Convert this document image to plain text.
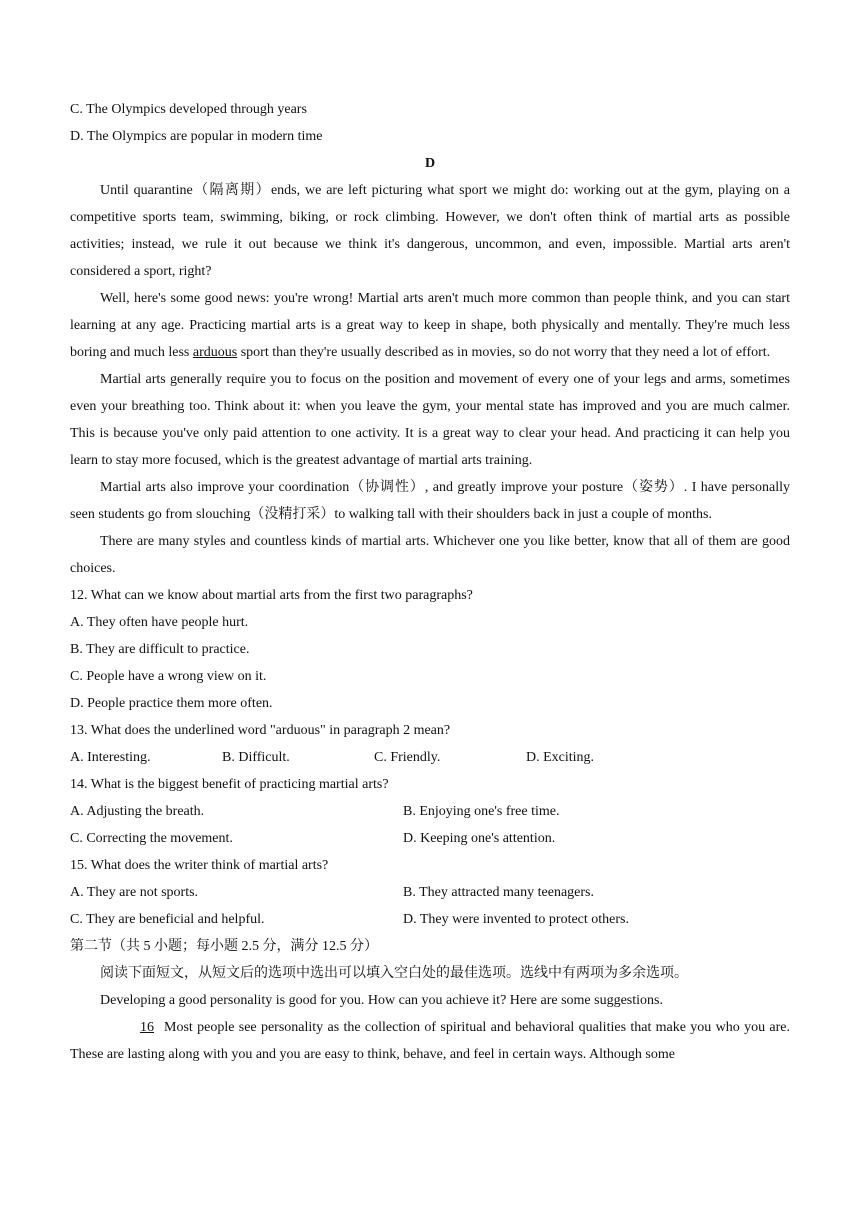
C. The Olympics developed through years
D. The Olympics are popular in modern time
D

Until quarantine（隔离期）ends, we are left picturing what sport we might do: working out at the gym, playing on a competitive sports team, swimming, biking, or rock climbing. However, we don't often think of martial arts as possible activities; instead, we rule it out because we think it's dangerous, uncommon, and even, impossible. Martial arts aren't considered a sport, right?

Well, here's some good news: you're wrong! Martial arts aren't much more common than people think, and you can start learning at any age. Practicing martial arts is a great way to keep in shape, both physically and mentally. They're much less boring and much less arduous sport than they're usually described as in movies, so do not worry that they need a lot of effort.

Martial arts generally require you to focus on the position and movement of every one of your legs and arms, sometimes even your breathing too. Think about it: when you leave the gym, your mental state has improved and you are much calmer. This is because you've only paid attention to one activity. It is a great way to clear your head. And practicing it can help you learn to stay more focused, which is the greatest advantage of martial arts training.

Martial arts also improve your coordination（协调性）, and greatly improve your posture（姿势）. I have personally seen students go from slouching（没精打采）to walking tall with their shoulders back in just a couple of months.

There are many styles and countless kinds of martial arts. Whichever one you like better, know that all of them are good choices.

12. What can we know about martial arts from the first two paragraphs?
A. They often have people hurt.
B. They are difficult to practice.
C. People have a wrong view on it.
D. People practice them more often.
13. What does the underlined word "arduous" in paragraph 2 mean?
A. Interesting.	B. Difficult.	C. Friendly.	D. Exciting.
14. What is the biggest benefit of practicing martial arts?
A. Adjusting the breath.	B. Enjoying one's free time.
C. Correcting the movement.	D. Keeping one's attention.
15. What does the writer think of martial arts?
A. They are not sports.	B. They attracted many teenagers.
C. They are beneficial and helpful.	D. They were invented to protect others.
第二节（共 5 小题；每小题 2.5 分，满分 12.5 分）

阅读下面短文，从短文后的选项中选出可以填入空白处的最佳选项。选线中有两项为多余选项。

Developing a good personality is good for you. How can you achieve it? Here are some suggestions.

16 Most people see personality as the collection of spiritual and behavioral qualities that make you who you are. These are lasting along with you and you are easy to think, behave, and feel in certain ways. Although some
